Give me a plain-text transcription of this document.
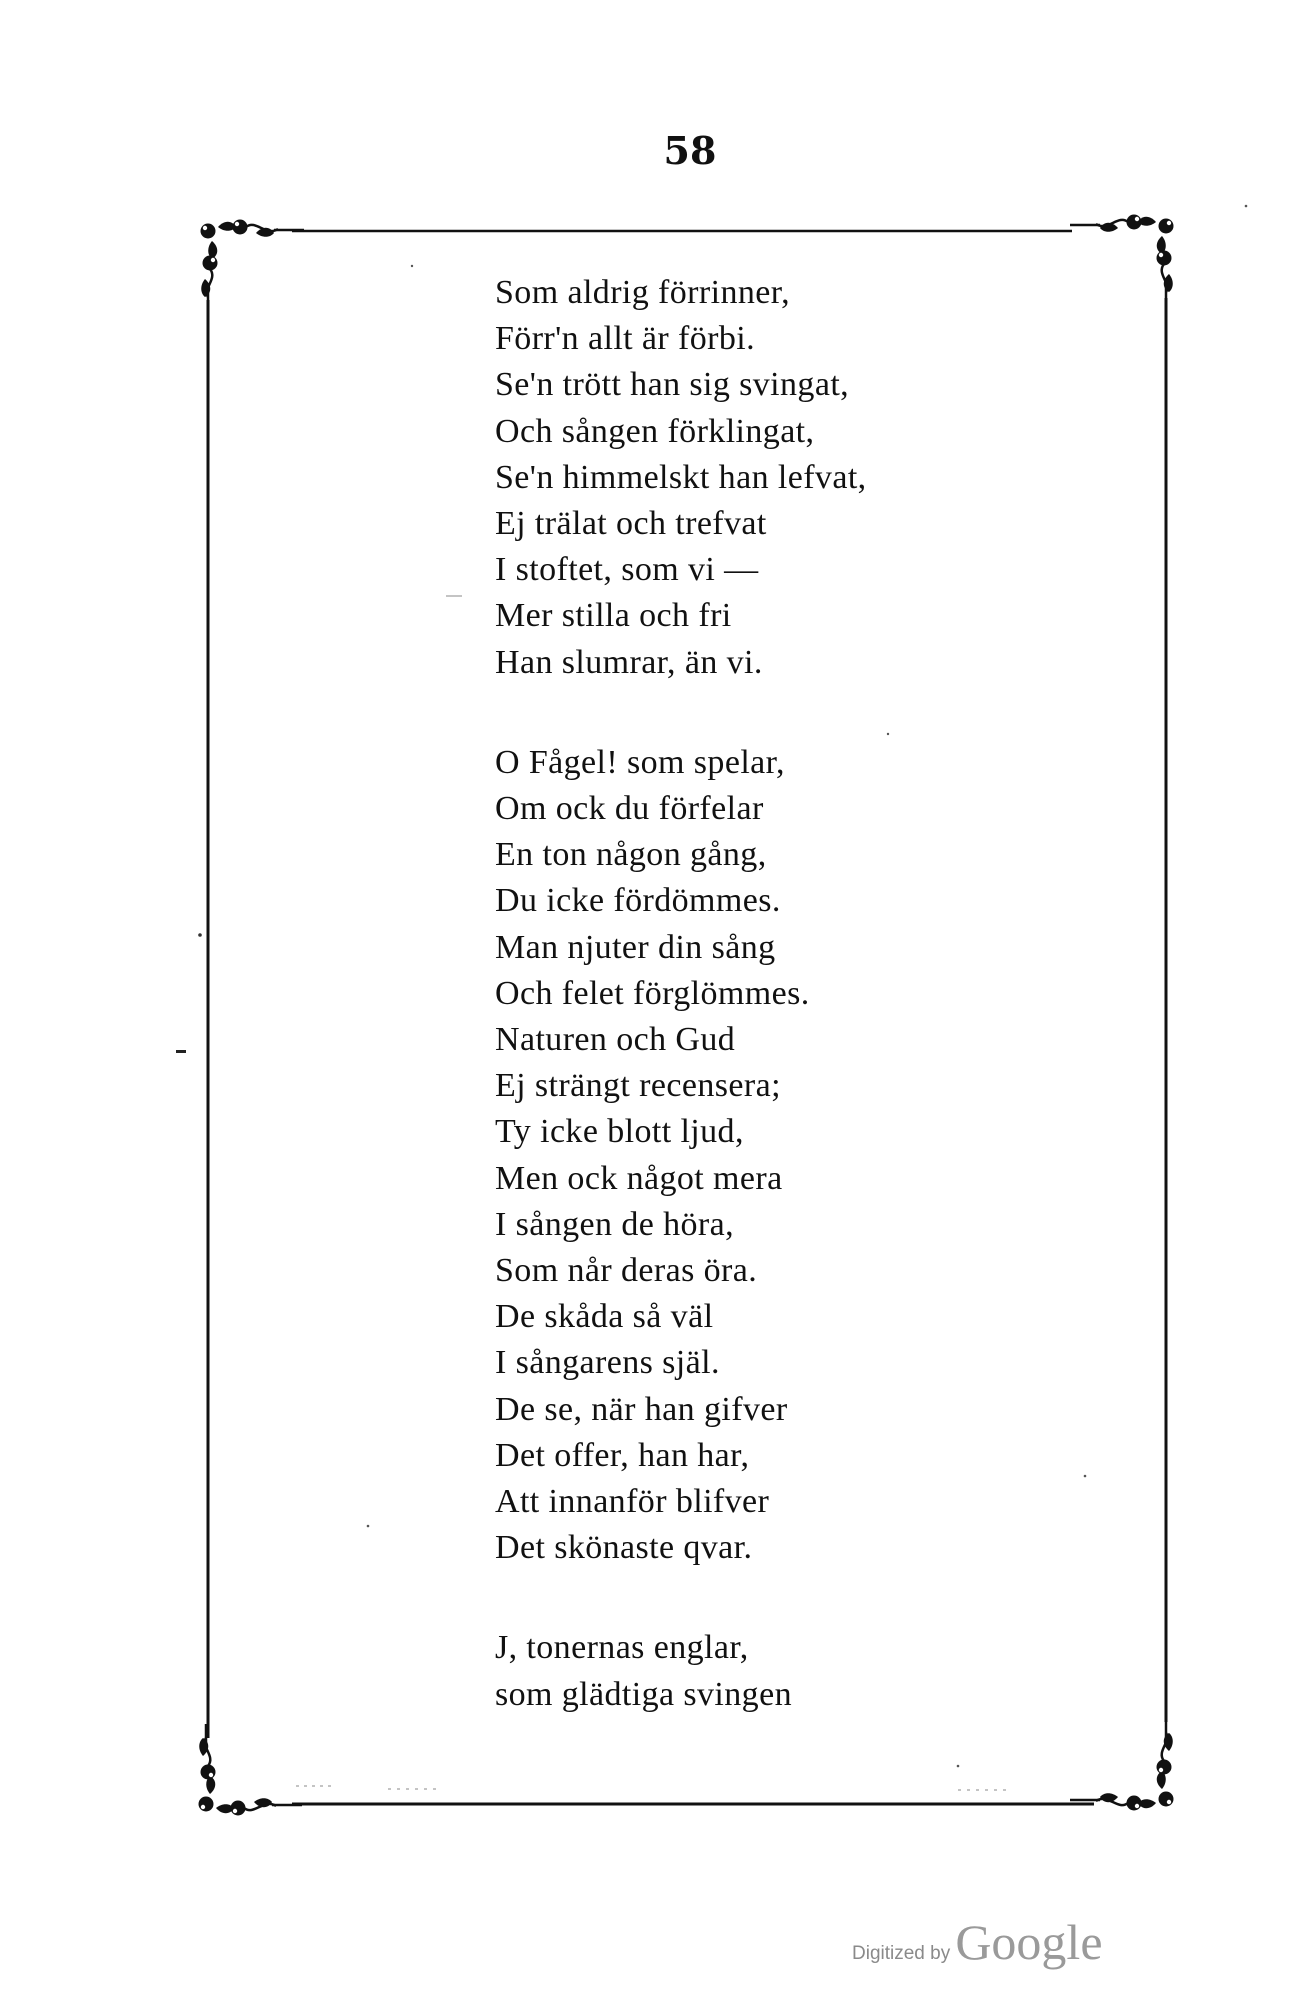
58
Som aldrig förrinner,
Förr'n allt är förbi.
Se'n trött han sig svingat,
Och sången förklingat,
Se'n himmelskt han lefvat,
Ej trälat och trefvat
I stoftet, som vi —
Mer stilla och fri
Han slumrar, än vi.
O Fågel! som spelar,
Om ock du förfelar
En ton någon gång,
Du icke fördömmes.
Man njuter din sång
Och felet förglömmes.
Naturen och Gud
Ej strängt recensera;
Ty icke blott ljud,
Men ock något mera
I sången de höra,
Som når deras öra.
De skåda så väl
I sångarens själ.
De se, när han gifver
Det offer, han har,
Att innanför blifver
Det skönaste qvar.
J, tonernas englar,
som glädtiga svingen
Digitized by Google
